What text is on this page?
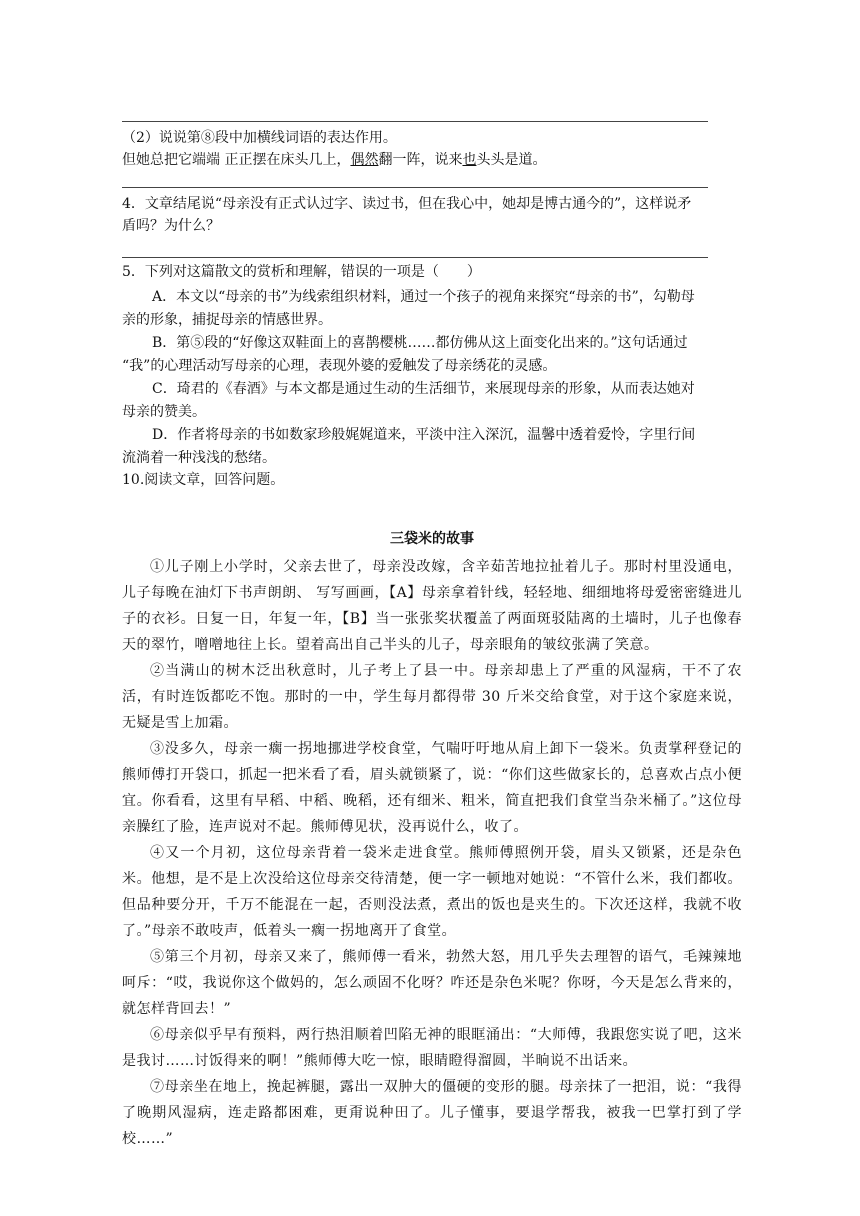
（2）说说第⑧段中加横线词语的表达作用。
但她总把它端端 正正摆在床头几上，偶然翻一阵，说来也头头是道。
4．文章结尾说“母亲没有正式认过字、读过书，但在我心中，她却是博古通今的”，这样说矛
盾吗？为什么？
5．下列对这篇散文的赏析和理解，错误的一项是（　　）
A．本文以“母亲的书”为线索组织材料，通过一个孩子的视角来探究“母亲的书”，勾勒母
亲的形象，捕捉母亲的情感世界。
B．第⑤段的“好像这双鞋面上的喜鹊樱桃……都仿佛从这上面变化出来的。”这句话通过
“我”的心理活动写母亲的心理，表现外婆的爱触发了母亲绣花的灵感。
C．琦君的《春酒》与本文都是通过生动的生活细节，来展现母亲的形象，从而表达她对
母亲的赞美。
D．作者将母亲的书如数家珍般娓娓道来，平淡中注入深沉，温馨中透着爱怜，字里行间
流淌着一种浅浅的愁绪。
10.阅读文章，回答问题。
三袋米的故事
①儿子刚上小学时，父亲去世了，母亲没改嫁，含辛茹苦地拉扯着儿子。那时村里没通电，儿子每晚在油灯下书声朗朗、 写写画画，【A】母亲拿着针线，轻轻地、细细地将母爱密密缝进儿子的衣衫。日复一日，年复一年，【B】当一张张奖状覆盖了两面斑驳陆离的土墙时，儿子也像春天的翠竹，噌噌地往上长。望着高出自己半头的儿子，母亲眼角的皱纹张满了笑意。
②当满山的树木泛出秋意时，儿子考上了县一中。母亲却患上了严重的风湿病，干不了农活，有时连饭都吃不饱。那时的一中，学生每月都得带 30 斤米交给食堂，对于这个家庭来说，无疑是雪上加霜。
③没多久，母亲一瘸一拐地挪进学校食堂，气喘吁吁地从肩上卸下一袋米。负责掌秤登记的熊师傅打开袋口，抓起一把米看了看，眉头就锁紧了，说：“你们这些做家长的，总喜欢占点小便宜。你看看，这里有早稻、中稻、晚稻，还有细米、粗米，简直把我们食堂当杂米桶了。”这位母亲臊红了脸，连声说对不起。熊师傅见状，没再说什么，收了。
④又一个月初，这位母亲背着一袋米走进食堂。熊师傅照例开袋，眉头又锁紧，还是杂色米。他想，是不是上次没给这位母亲交待清楚，便一字一顿地对她说：“不管什么米，我们都收。但品种要分开，千万不能混在一起，否则没法煮，煮出的饭也是夹生的。下次还这样，我就不收了。”母亲不敢吱声，低着头一瘸一拐地离开了食堂。
⑤第三个月初，母亲又来了，熊师傅一看米，勃然大怒，用几乎失去理智的语气，毛辣辣地呵斥：“哎，我说你这个做妈的，怎么顽固不化呀？咋还是杂色米呢？你呀，今天是怎么背来的，就怎样背回去！”
⑥母亲似乎早有预料，两行热泪顺着凹陷无神的眼眶涌出：“大师傅，我跟您实说了吧，这米是我讨……讨饭得来的啊！”熊师傅大吃一惊，眼睛瞪得溜圆，半晌说不出话来。
⑦母亲坐在地上，挽起裤腿，露出一双肿大的僵硬的变形的腿。母亲抹了一把泪，说：“我得了晚期风湿病，连走路都困难，更甭说种田了。儿子懂事，要退学帮我，被我一巴掌打到了学校……”
